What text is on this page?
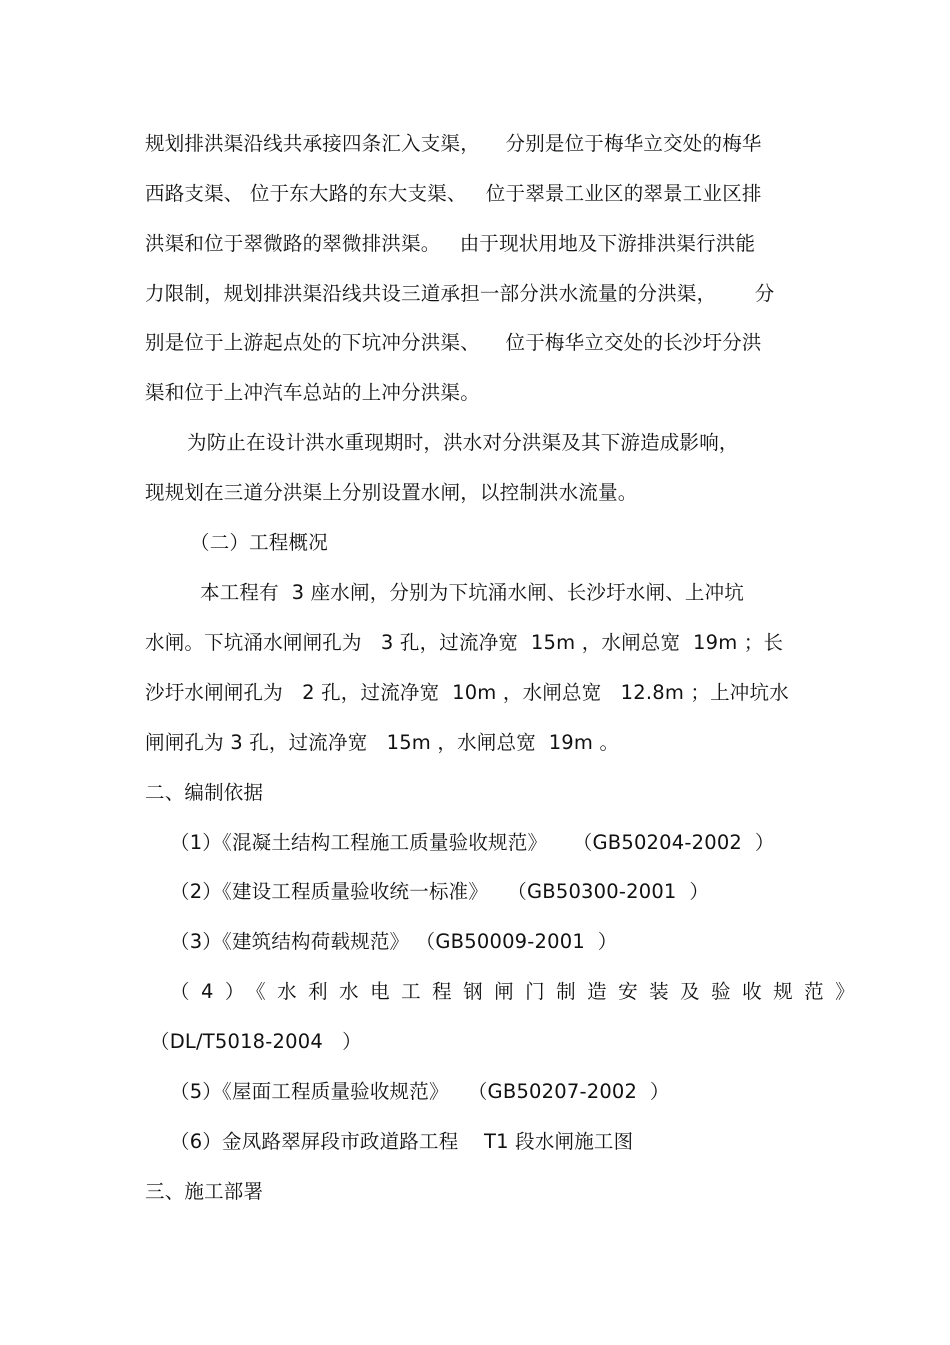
规划排洪渠沿线共承接四条汇入支渠，    分别是位于梅华立交处的梅华
西路支渠、 位于东大路的东大支渠、   位于翠景工业区的翠景工业区排
洪渠和位于翠微路的翠微排洪渠。   由于现状用地及下游排洪渠行洪能
力限制，规划排洪渠沿线共设三道承担一部分洪水流量的分洪渠，      分
别是位于上游起点处的下坑冲分洪渠、    位于梅华立交处的长沙圩分洪
渠和位于上冲汽车总站的上冲分洪渠。
为防止在设计洪水重现期时，洪水对分洪渠及其下游造成影响，
现规划在三道分洪渠上分别设置水闸，以控制洪水流量。
（二）工程概况
本工程有  3 座水闸，分别为下坑涌水闸、长沙圩水闸、上冲坑
水闸。下坑涌水闸闸孔为   3 孔，过流净宽  15m ，水闸总宽  19m ；长
沙圩水闸闸孔为   2 孔，过流净宽  10m ，水闸总宽   12.8m ；上冲坑水
闸闸孔为 3 孔，过流净宽   15m ，水闸总宽  19m 。
二、编制依据
（1）《混凝土结构工程施工质量验收规范》    （GB50204-2002  ）
（2）《建设工程质量验收统一标准》   （GB50300-2001  ）
（3）《建筑结构荷载规范》 （GB50009-2001  ）
（4）《水利水电工程钢闸门制造安装及验收规范》
（DL/T5018-2004   ）
（5）《屋面工程质量验收规范》   （GB50207-2002  ）
（6）金凤路翠屏段市政道路工程    T1 段水闸施工图
三、施工部署
